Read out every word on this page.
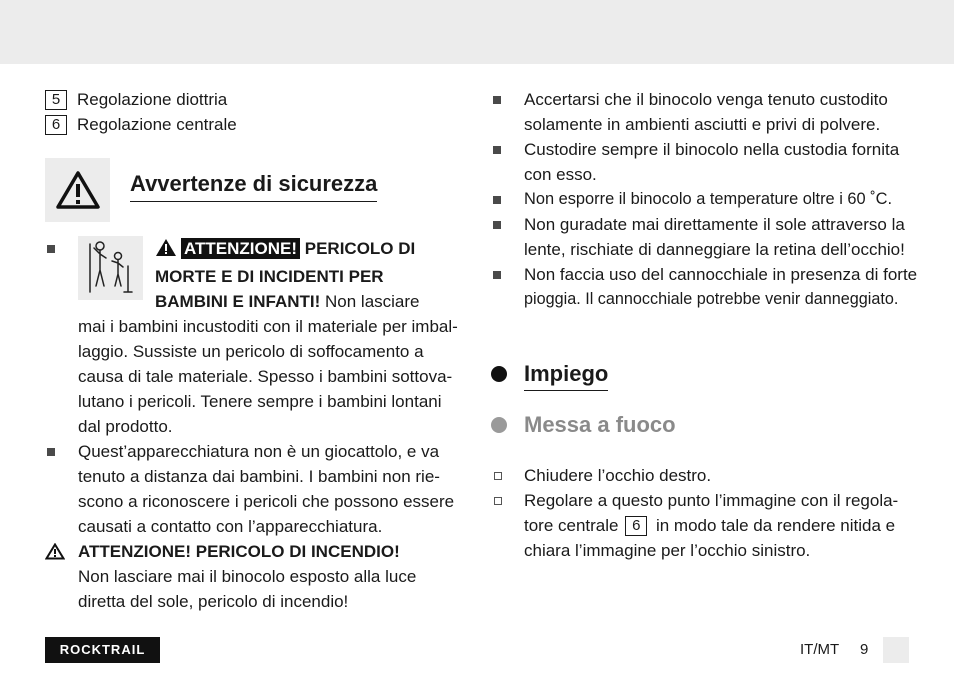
5 Regolazione diottria
6 Regolazione centrale
Avvertenze di sicurezza
ATTENZIONE! PERICOLO DI
MORTE E DI INCIDENTI PER
BAMBINI E INFANTI! Non lasciare
mai i bambini incustoditi con il materiale per imbal-
laggio. Sussiste un pericolo di soffocamento a
causa di tale materiale. Spesso i bambini sottova-
lutano i pericoli. Tenere sempre i bambini lontani
dal prodotto.
Quest’apparecchiatura non è un giocattolo, e va
tenuto a distanza dai bambini. I bambini non rie-
scono a riconoscere i pericoli che possono essere
causati a contatto con l’apparecchiatura.
ATTENZIONE! PERICOLO DI INCENDIO!
Non lasciare mai il binocolo esposto alla luce
diretta del sole, pericolo di incendio!
Accertarsi che il binocolo venga tenuto custodito
solamente in ambienti asciutti e privi di polvere.
Custodire sempre il binocolo nella custodia fornita
con esso.
Non esporre il binocolo a temperature oltre i 60 ˚C.
Non guradate mai direttamente il sole attraverso la
lente, rischiate di danneggiare la retina dell’occhio!
Non faccia uso del cannocchiale in presenza di forte
pioggia. Il cannocchiale potrebbe venir danneggiato.
Impiego
Messa a fuoco
Chiudere l’occhio destro.
Regolare a questo punto l’immagine con il regola-
tore centrale 6 in modo tale da rendere nitida e
chiara l’immagine per l’occhio sinistro.
ROCKTRAIL	IT/MT 9
